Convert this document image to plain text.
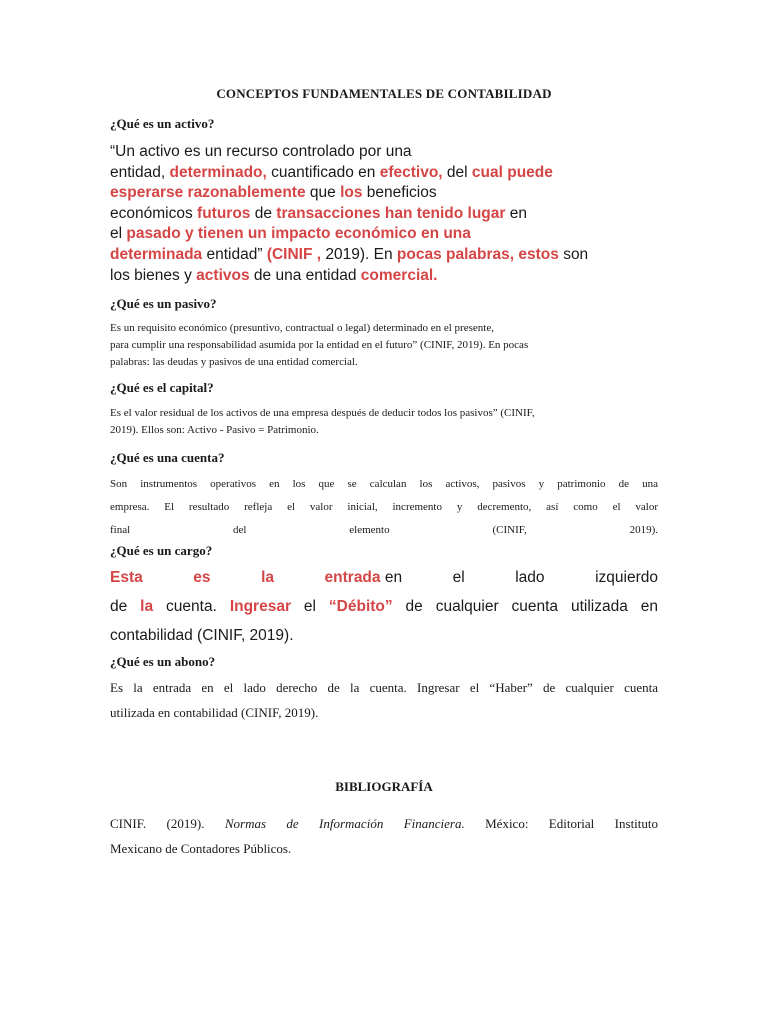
CONCEPTOS FUNDAMENTALES DE CONTABILIDAD
¿Qué es un activo?
“Un activo es un recurso controlado por una
entidad, determinado, cuantificado en efectivo, del cual puede
esperarse razonablemente que los beneficios
económicos futuros de transacciones han tenido lugar en
el pasado y tienen un impacto económico en una
determinada entidad” (CINIF , 2019). En pocas palabras, estos son
los bienes y activos de una entidad comercial.
¿Qué es un pasivo?
Es un requisito económico (presuntivo, contractual o legal) determinado en el presente,
para cumplir una responsabilidad asumida por la entidad en el futuro” (CINIF, 2019). En pocas
palabras: las deudas y pasivos de una entidad comercial.
¿Qué es el capital?
Es el valor residual de los activos de una empresa después de deducir todos los pasivos” (CINIF,
2019). Ellos son: Activo - Pasivo = Patrimonio.
¿Qué es una cuenta?
Son instrumentos operativos en los que se calculan los activos, pasivos y patrimonio de una
empresa. El resultado refleja el valor inicial, incremento y decremento, así como el valor
final del elemento (CINIF, 2019).
¿Qué es un cargo?
Esta	es	la	entrada en	el	lado	izquierdo
de la cuenta. Ingresar el “Débito” de cualquier cuenta utilizada en
contabilidad (CINIF, 2019).
¿Qué es un abono?
Es la entrada en el lado derecho de la cuenta. Ingresar el “Haber” de cualquier cuenta
utilizada en contabilidad (CINIF, 2019).
BIBLIOGRAFÍA
CINIF. (2019). Normas de Información Financiera. México: Editorial Instituto
Mexicano de Contadores Públicos.
